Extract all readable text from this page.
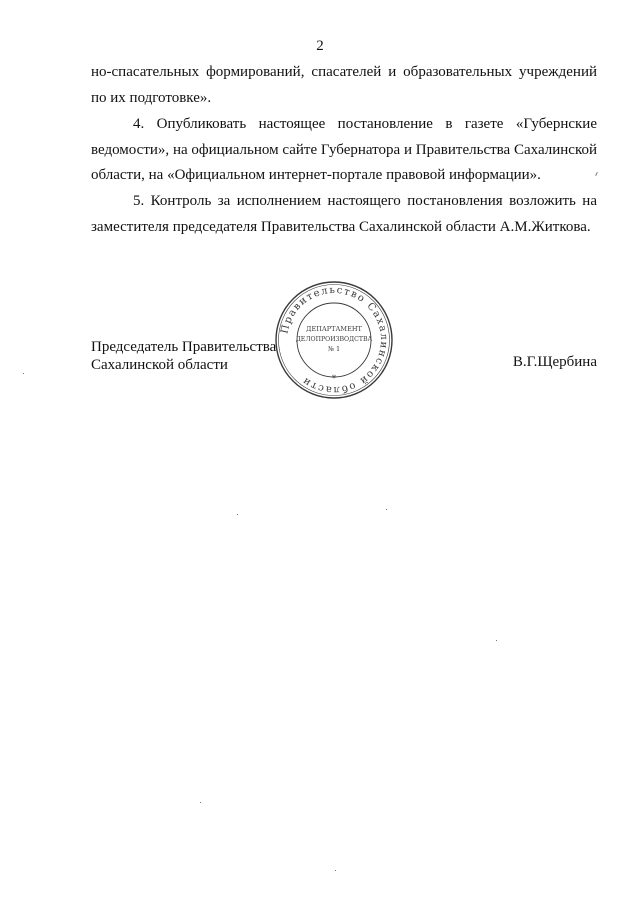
2

но-спасательных формирований, спасателей и образовательных учреждений по их подготовке».

4. Опубликовать настоящее постановление в газете «Губернские ведомости», на официальном сайте Губернатора и Правительства Сахалинской области, на «Официальном интернет-портале правовой информации».

5. Контроль за исполнением настоящего постановления возложить на заместителя председателя Правительства Сахалинской области А.М.Житкова.

Председатель Правительства
Сахалинской области	В.Г.Щербина
Правительство Сахалинской области	*
ДЕПАРТАМЕНТ
ДЕЛОПРОИЗВОДСТВА
№ 1
